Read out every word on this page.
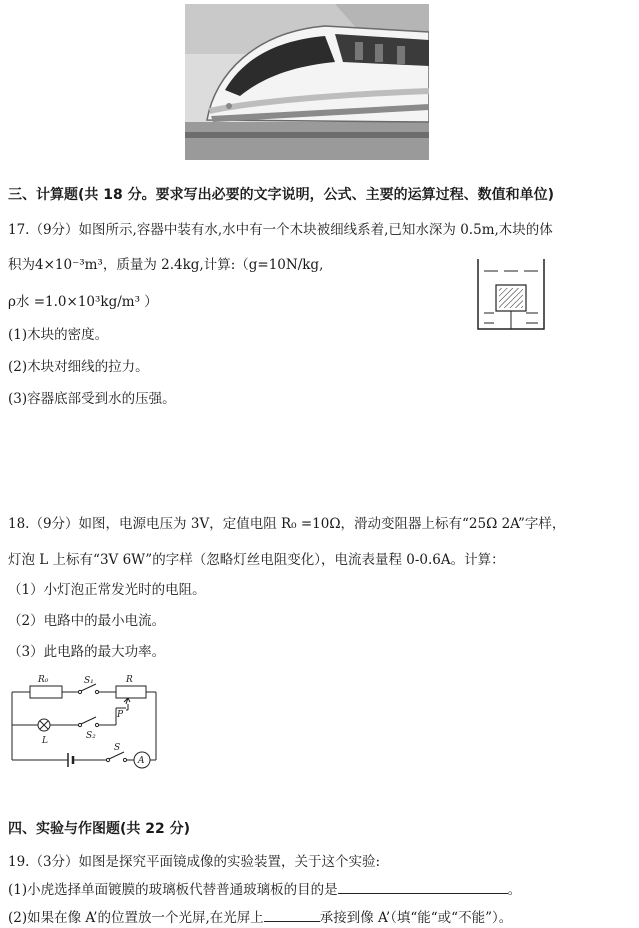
三、计算题(共 18 分。要求写出必要的文字说明，公式、主要的运算过程、数值和单位)
17.（9分）如图所示,容器中装有水,水中有一个木块被细线系着,已知水深为 0.5m,木块的体
积为4×10⁻³m³，质量为 2.4kg,计算:（g=10N/kg,
ρ水 =1.0×10³kg/m³ ）
(1)木块的密度。
(2)木块对细线的拉力。
(3)容器底部受到水的压强。
18.（9分）如图，电源电压为 3V，定值电阻 R₀ =10Ω，滑动变阻器上标有“25Ω 2A”字样，
灯泡 L 上标有“3V 6W”的字样（忽略灯丝电阻变化），电流表量程 0-0.6A。计算：
（1）小灯泡正常发光时的电阻。
（2）电路中的最小电流。
（3）此电路的最大功率。
R₀	S₁	R
P
L	S₂
S
A
四、实验与作图题(共 22 分)
19.（3分）如图是探究平面镜成像的实验装置，关于这个实验:
(1)小虎选择单面镀膜的玻璃板代替普通玻璃板的目的是	。
(2)如果在像 A’的位置放一个光屏,在光屏上	承接到像 A’（填“能“或“不能”）。
